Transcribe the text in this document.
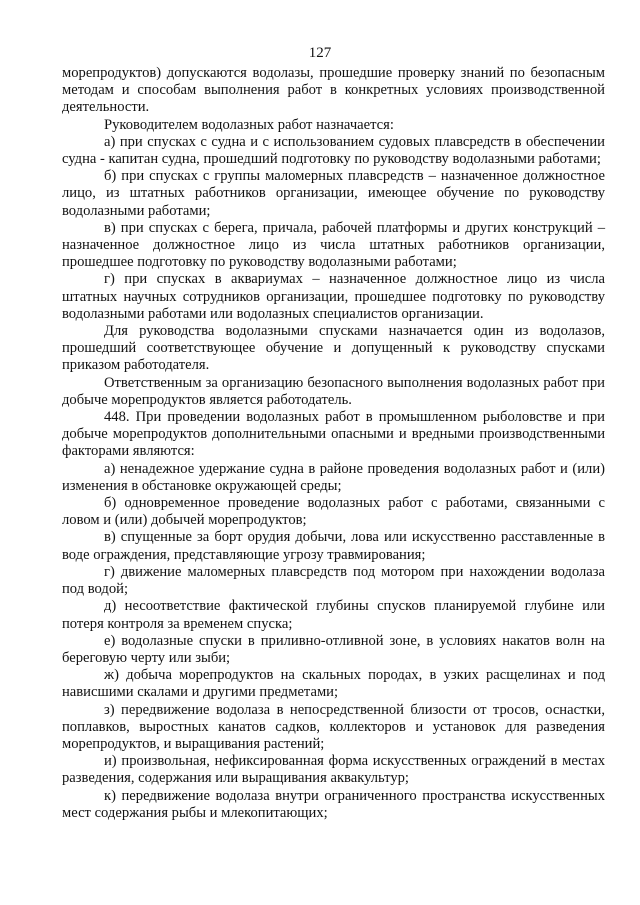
127

морепродуктов) допускаются водолазы, прошедшие проверку знаний по безопасным методам и способам выполнения работ в конкретных условиях производственной деятельности.

Руководителем водолазных работ назначается:

а) при спусках с судна и с использованием судовых плавсредств в обеспечении судна - капитан судна, прошедший подготовку по руководству водолазными работами;

б) при спусках с группы маломерных плавсредств – назначенное должностное лицо, из штатных работников организации, имеющее обучение по руководству водолазными работами;

в) при спусках с берега, причала, рабочей платформы и других конструкций – назначенное должностное лицо из числа штатных работников организации, прошедшее подготовку по руководству водолазными работами;

г) при спусках в аквариумах – назначенное должностное лицо из числа штатных научных сотрудников организации, прошедшее подготовку по руководству водолазными работами или водолазных специалистов организации.

Для руководства водолазными спусками назначается один из водолазов, прошедший соответствующее обучение и допущенный к руководству спусками приказом работодателя.

Ответственным за организацию безопасного выполнения водолазных работ при добыче морепродуктов является работодатель.

448. При проведении водолазных работ в промышленном рыболовстве и при добыче морепродуктов дополнительными опасными и вредными производственными факторами являются:

а) ненадежное удержание судна в районе проведения водолазных работ и (или) изменения в обстановке окружающей среды;

б) одновременное проведение водолазных работ с работами, связанными с ловом и (или) добычей морепродуктов;

в) спущенные за борт орудия добычи, лова или искусственно расставленные в воде ограждения, представляющие угрозу травмирования;

г) движение маломерных плавсредств под мотором при нахождении водолаза под водой;

д) несоответствие фактической глубины спусков планируемой глубине или потеря контроля за временем спуска;

е) водолазные спуски в приливно-отливной зоне, в условиях накатов волн на береговую черту или зыби;

ж) добыча морепродуктов на скальных породах, в узких расщелинах и под нависшими скалами и другими предметами;

з) передвижение водолаза в непосредственной близости от тросов, оснастки, поплавков, выростных канатов садков, коллекторов и установок для разведения морепродуктов, и выращивания растений;

и) произвольная, нефиксированная форма искусственных ограждений в местах разведения, содержания или выращивания аквакультур;

к) передвижение водолаза внутри ограниченного пространства искусственных мест содержания рыбы и млекопитающих;
